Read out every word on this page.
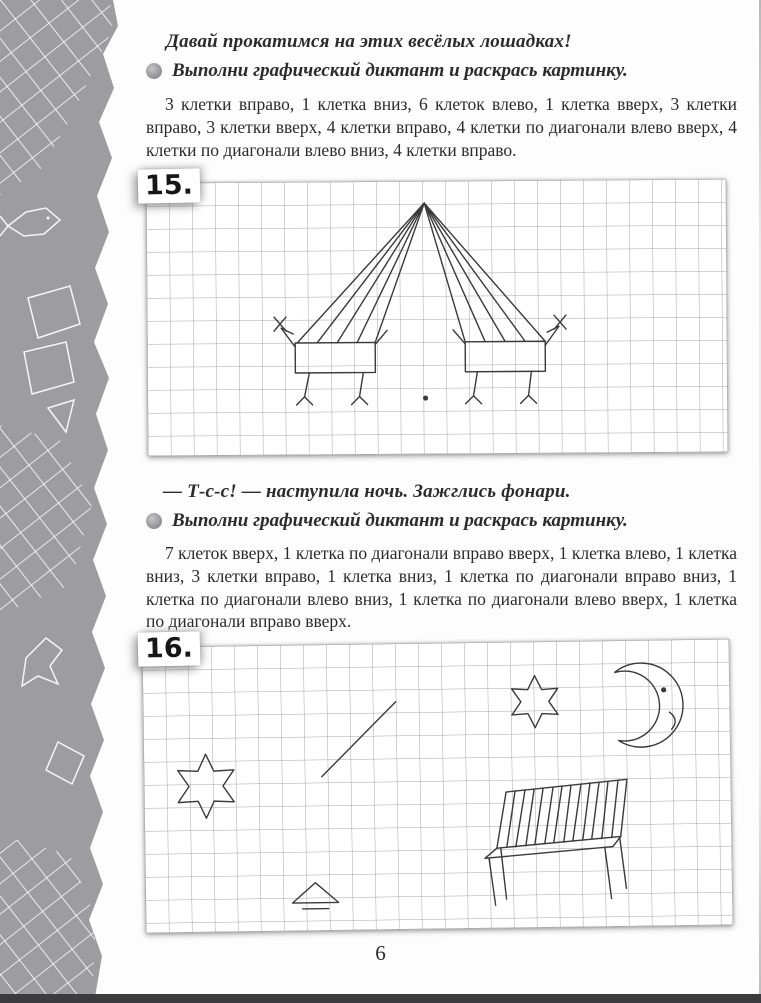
Давай прокатимся на этих весёлых лошадках!
Выполни графический диктант и раскрась картинку.

3 клетки вправо, 1 клетка вниз, 6 клеток влево, 1 клетка вверх, 3 клетки вправо, 3 клетки вверх, 4 клетки вправо, 4 клетки по диагонали влево вверх, 4 клетки по диагонали влево вниз, 4 клетки вправо.

15.
— Т-с-с! — наступила ночь. Зажглись фонари.
Выполни графический диктант и раскрась картинку.

7 клеток вверх, 1 клетка по диагонали вправо вверх, 1 клетка влево, 1 клетка вниз, 3 клетки вправо, 1 клетка вниз, 1 клетка по диагонали вправо вниз, 1 клетка по диагонали влево вниз, 1 клетка по диагонали влево вверх, 1 клетка по диагонали вправо вверх.

16.
6
